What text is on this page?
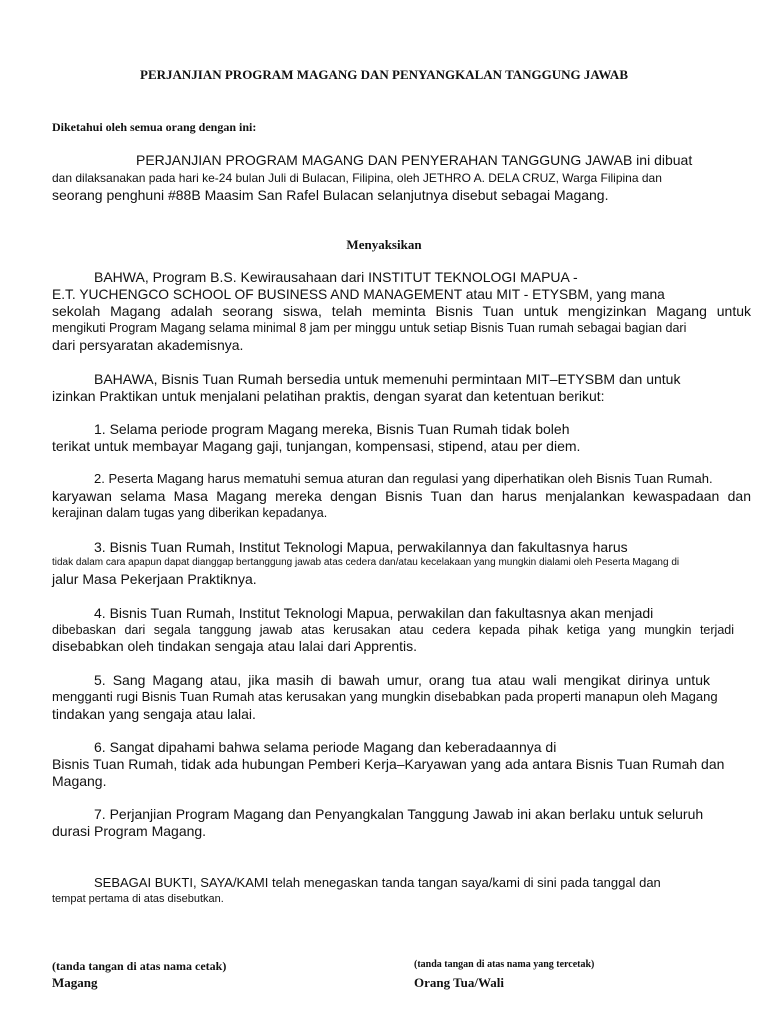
PERJANJIAN PROGRAM MAGANG DAN PENYANGKALAN TANGGUNG JAWAB
Diketahui oleh semua orang dengan ini:
PERJANJIAN PROGRAM MAGANG DAN PENYERAHAN TANGGUNG JAWAB ini dibuat
dan dilaksanakan pada hari ke-24 bulan Juli di Bulacan, Filipina, oleh JETHRO A. DELA CRUZ, Warga Filipina dan
seorang penghuni #88B Maasim San Rafel Bulacan selanjutnya disebut sebagai Magang.
Menyaksikan
BAHWA, Program B.S. Kewirausahaan dari INSTITUT TEKNOLOGI MAPUA -
E.T. YUCHENGCO SCHOOL OF BUSINESS AND MANAGEMENT atau MIT - ETYSBM, yang mana
sekolah Magang adalah seorang siswa, telah meminta Bisnis Tuan untuk mengizinkan Magang untuk
mengikuti Program Magang selama minimal 8 jam per minggu untuk setiap Bisnis Tuan rumah sebagai bagian dari
dari persyaratan akademisnya.
BAHAWA, Bisnis Tuan Rumah bersedia untuk memenuhi permintaan MIT–ETYSBM dan untuk
izinkan Praktikan untuk menjalani pelatihan praktis, dengan syarat dan ketentuan berikut:
1. Selama periode program Magang mereka, Bisnis Tuan Rumah tidak boleh
terikat untuk membayar Magang gaji, tunjangan, kompensasi, stipend, atau per diem.
2. Peserta Magang harus mematuhi semua aturan dan regulasi yang diperhatikan oleh Bisnis Tuan Rumah.
karyawan selama Masa Magang mereka dengan Bisnis Tuan dan harus menjalankan kewaspadaan dan
kerajinan dalam tugas yang diberikan kepadanya.
3. Bisnis Tuan Rumah, Institut Teknologi Mapua, perwakilannya dan fakultasnya harus
tidak dalam cara apapun dapat dianggap bertanggung jawab atas cedera dan/atau kecelakaan yang mungkin dialami oleh Peserta Magang di
jalur Masa Pekerjaan Praktiknya.
4. Bisnis Tuan Rumah, Institut Teknologi Mapua, perwakilan dan fakultasnya akan menjadi
dibebaskan dari segala tanggung jawab atas kerusakan atau cedera kepada pihak ketiga yang mungkin terjadi
disebabkan oleh tindakan sengaja atau lalai dari Apprentis.
5. Sang Magang atau, jika masih di bawah umur, orang tua atau wali mengikat dirinya untuk
mengganti rugi Bisnis Tuan Rumah atas kerusakan yang mungkin disebabkan pada properti manapun oleh Magang
tindakan yang sengaja atau lalai.
6. Sangat dipahami bahwa selama periode Magang dan keberadaannya di
Bisnis Tuan Rumah, tidak ada hubungan Pemberi Kerja–Karyawan yang ada antara Bisnis Tuan Rumah dan
Magang.
7. Perjanjian Program Magang dan Penyangkalan Tanggung Jawab ini akan berlaku untuk seluruh
durasi Program Magang.
SEBAGAI BUKTI, SAYA/KAMI telah menegaskan tanda tangan saya/kami di sini pada tanggal dan
tempat pertama di atas disebutkan.
(tanda tangan di atas nama cetak)
Magang
(tanda tangan di atas nama yang tercetak)
Orang Tua/Wali
